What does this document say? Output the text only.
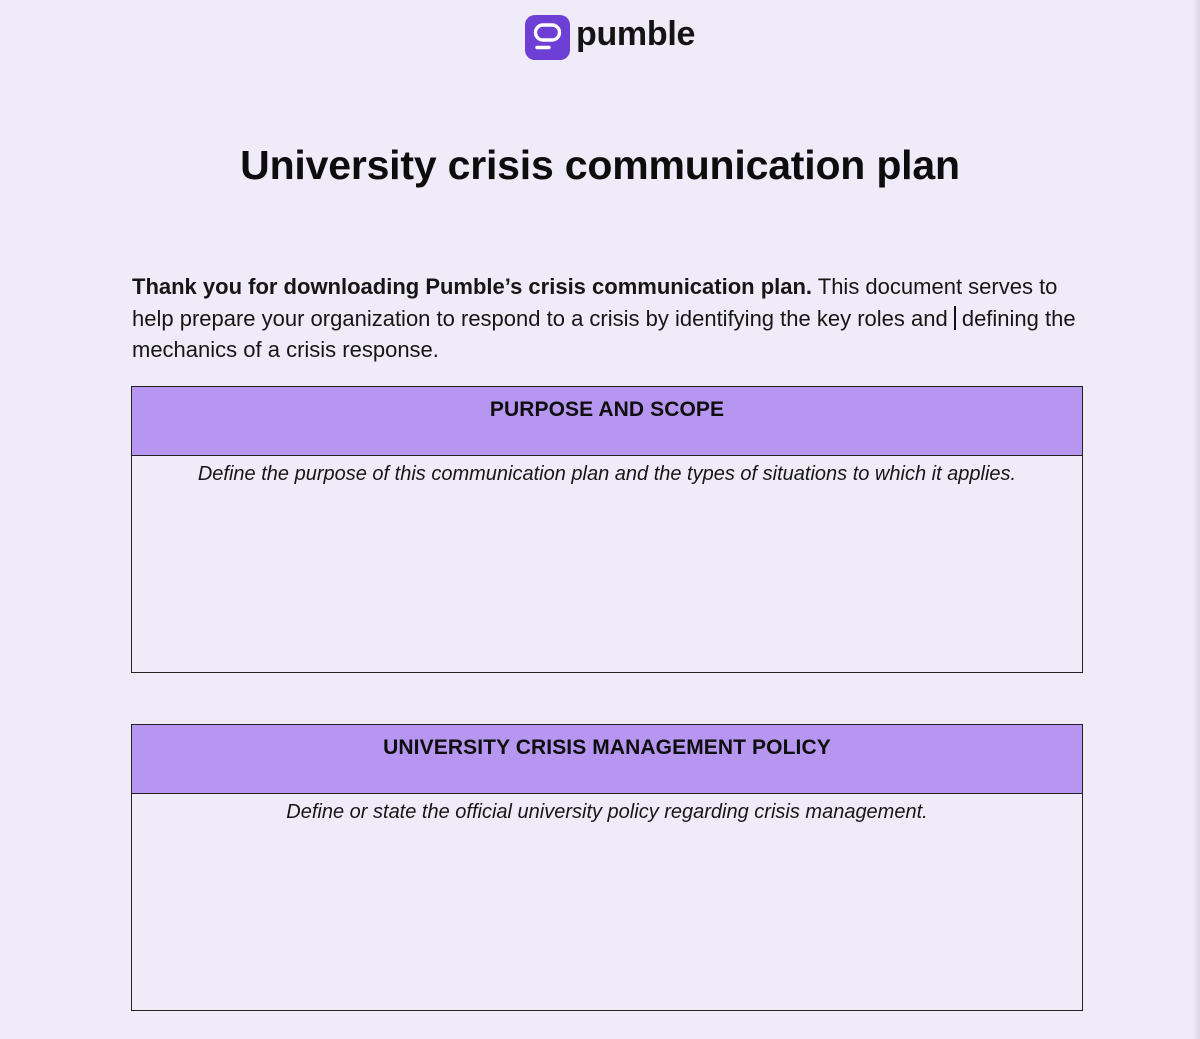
pumble
University crisis communication plan

Thank you for downloading Pumble’s crisis communication plan. This document serves to help prepare your organization to respond to a crisis by identifying the key roles and defining the mechanics of a crisis response.

PURPOSE AND SCOPE
Define the purpose of this communication plan and the types of situations to which it applies.
UNIVERSITY CRISIS MANAGEMENT POLICY
Define or state the official university policy regarding crisis management.
